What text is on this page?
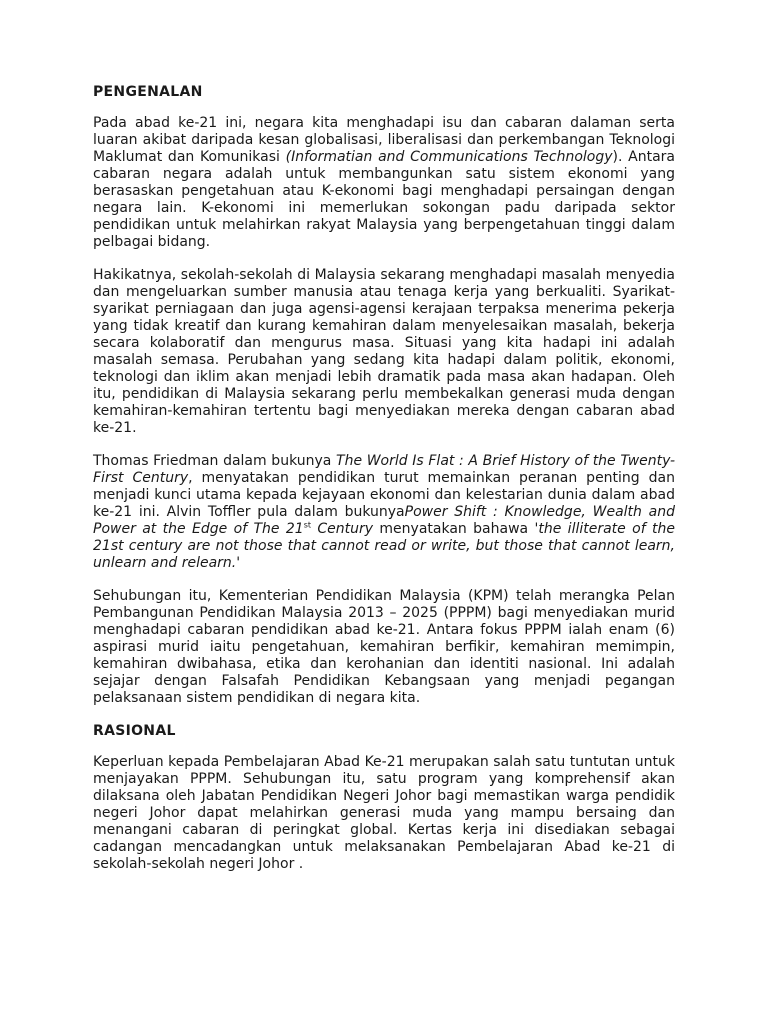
PENGENALAN

Pada abad ke-21 ini, negara kita menghadapi isu dan cabaran dalaman serta luaran akibat daripada kesan globalisasi, liberalisasi dan perkembangan Teknologi Maklumat dan Komunikasi (Informatian and Communications Technology). Antara cabaran negara adalah untuk membangunkan satu sistem ekonomi yang berasaskan pengetahuan atau K-ekonomi bagi menghadapi persaingan dengan negara lain. K-ekonomi ini memerlukan sokongan padu daripada sektor pendidikan untuk melahirkan rakyat Malaysia yang berpengetahuan tinggi dalam pelbagai bidang.

Hakikatnya, sekolah-sekolah di Malaysia sekarang menghadapi masalah menyedia dan mengeluarkan sumber manusia atau tenaga kerja yang berkualiti. Syarikat-syarikat perniagaan dan juga agensi-agensi kerajaan terpaksa menerima pekerja yang tidak kreatif dan kurang kemahiran dalam menyelesaikan masalah, bekerja secara kolaboratif dan mengurus masa. Situasi yang kita hadapi ini adalah masalah semasa. Perubahan yang sedang kita hadapi dalam politik, ekonomi, teknologi dan iklim akan menjadi lebih dramatik pada masa akan hadapan. Oleh itu, pendidikan di Malaysia sekarang perlu membekalkan generasi muda dengan kemahiran-kemahiran tertentu bagi menyediakan mereka dengan cabaran abad ke-21.

Thomas Friedman dalam bukunya The World Is Flat : A Brief History of the Twenty-First Century, menyatakan pendidikan turut memainkan peranan penting dan menjadi kunci utama kepada kejayaan ekonomi dan kelestarian dunia dalam abad ke-21 ini. Alvin Toffler pula dalam bukunyaPower Shift : Knowledge, Wealth and Power at the Edge of The 21st Century menyatakan bahawa 'the illiterate of the 21st century are not those that cannot read or write, but those that cannot learn, unlearn and relearn.'

Sehubungan itu, Kementerian Pendidikan Malaysia (KPM) telah merangka Pelan Pembangunan Pendidikan Malaysia 2013 – 2025 (PPPM) bagi menyediakan murid menghadapi cabaran pendidikan abad ke-21. Antara fokus PPPM ialah enam (6) aspirasi murid iaitu pengetahuan, kemahiran berfikir, kemahiran memimpin, kemahiran dwibahasa, etika dan kerohanian dan identiti nasional. Ini adalah sejajar dengan Falsafah Pendidikan Kebangsaan yang menjadi pegangan pelaksanaan sistem pendidikan di negara kita.

RASIONAL

Keperluan kepada Pembelajaran Abad Ke-21 merupakan salah satu tuntutan untuk menjayakan PPPM. Sehubungan itu, satu program yang komprehensif akan dilaksana oleh Jabatan Pendidikan Negeri Johor bagi memastikan warga pendidik negeri Johor dapat melahirkan generasi muda yang mampu bersaing dan menangani cabaran di peringkat global. Kertas kerja ini disediakan sebagai cadangan mencadangkan untuk melaksanakan Pembelajaran Abad ke-21 di sekolah-sekolah negeri Johor .
